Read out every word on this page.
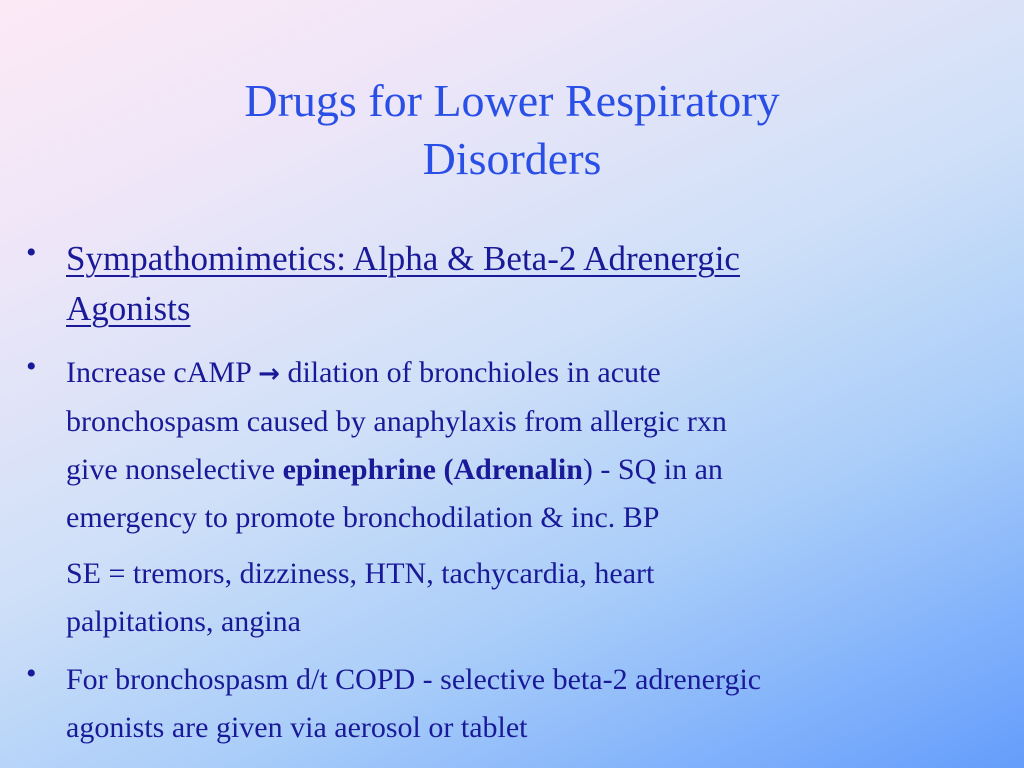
Drugs for Lower Respiratory
Disorders
• Sympathomimetics: Alpha & Beta-2 Adrenergic
Agonists
• Increase cAMP → dilation of bronchioles in acute
bronchospasm caused by anaphylaxis from allergic rxn
give nonselective epinephrine (Adrenalin) - SQ in an
emergency to promote bronchodilation & inc. BP
SE = tremors, dizziness, HTN, tachycardia, heart
palpitations, angina
• For bronchospasm d/t COPD - selective beta-2 adrenergic
agonists are given via aerosol or tablet
